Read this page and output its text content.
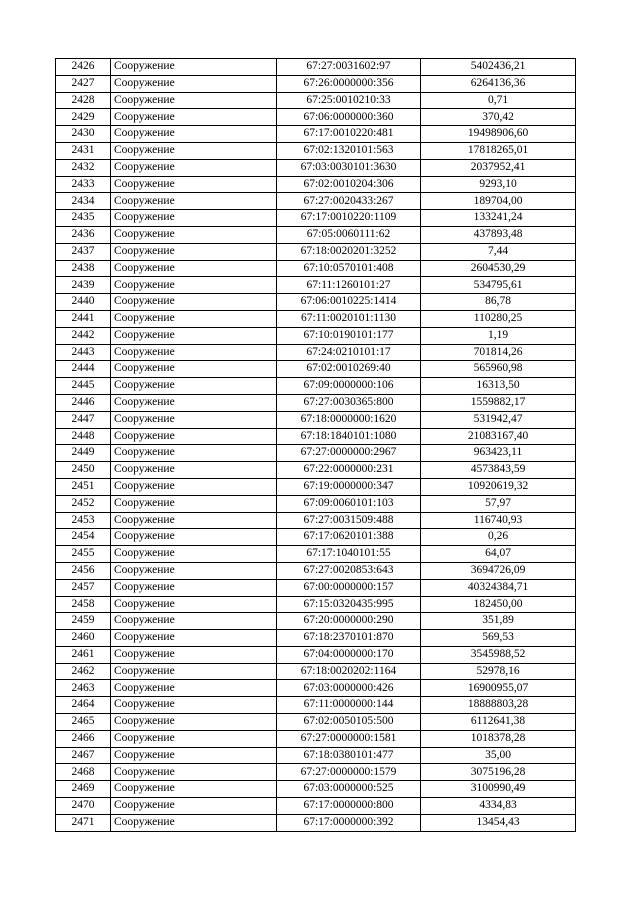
2426	Сооружение	67:27:0031602:97	5402436,21
2427	Сооружение	67:26:0000000:356	6264136,36
2428	Сооружение	67:25:0010210:33	0,71
2429	Сооружение	67:06:0000000:360	370,42
2430	Сооружение	67:17:0010220:481	19498906,60
2431	Сооружение	67:02:1320101:563	17818265,01
2432	Сооружение	67:03:0030101:3630	2037952,41
2433	Сооружение	67:02:0010204:306	9293,10
2434	Сооружение	67:27:0020433:267	189704,00
2435	Сооружение	67:17:0010220:1109	133241,24
2436	Сооружение	67:05:0060111:62	437893,48
2437	Сооружение	67:18:0020201:3252	7,44
2438	Сооружение	67:10:0570101:408	2604530,29
2439	Сооружение	67:11:1260101:27	534795,61
2440	Сооружение	67:06:0010225:1414	86,78
2441	Сооружение	67:11:0020101:1130	110280,25
2442	Сооружение	67:10:0190101:177	1,19
2443	Сооружение	67:24:0210101:17	701814,26
2444	Сооружение	67:02:0010269:40	565960,98
2445	Сооружение	67:09:0000000:106	16313,50
2446	Сооружение	67:27:0030365:800	1559882,17
2447	Сооружение	67:18:0000000:1620	531942,47
2448	Сооружение	67:18:1840101:1080	21083167,40
2449	Сооружение	67:27:0000000:2967	963423,11
2450	Сооружение	67:22:0000000:231	4573843,59
2451	Сооружение	67:19:0000000:347	10920619,32
2452	Сооружение	67:09:0060101:103	57,97
2453	Сооружение	67:27:0031509:488	116740,93
2454	Сооружение	67:17:0620101:388	0,26
2455	Сооружение	67:17:1040101:55	64,07
2456	Сооружение	67:27:0020853:643	3694726,09
2457	Сооружение	67:00:0000000:157	40324384,71
2458	Сооружение	67:15:0320435:995	182450,00
2459	Сооружение	67:20:0000000:290	351,89
2460	Сооружение	67:18:2370101:870	569,53
2461	Сооружение	67:04:0000000:170	3545988,52
2462	Сооружение	67:18:0020202:1164	52978,16
2463	Сооружение	67:03:0000000:426	16900955,07
2464	Сооружение	67:11:0000000:144	18888803,28
2465	Сооружение	67:02:0050105:500	6112641,38
2466	Сооружение	67:27:0000000:1581	1018378,28
2467	Сооружение	67:18:0380101:477	35,00
2468	Сооружение	67:27:0000000:1579	3075196,28
2469	Сооружение	67:03:0000000:525	3100990,49
2470	Сооружение	67:17:0000000:800	4334,83
2471	Сооружение	67:17:0000000:392	13454,43
